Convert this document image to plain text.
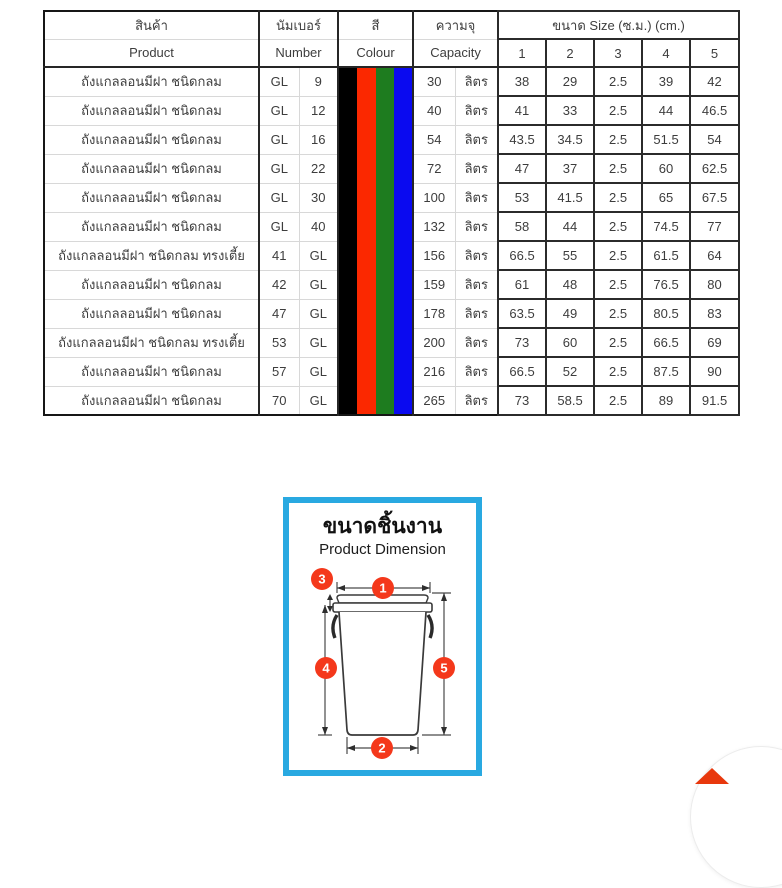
สินค้า	นัมเบอร์		สี	ความจุ		ขนาด Size (ซ.ม.) (cm.)				
Product	Number		Colour	Capacity		1	2	3	4	5
ถังแกลลอนมีฝา ชนิดกลม	GL	9		30	ลิตร	38	29	2.5	39	42
ถังแกลลอนมีฝา ชนิดกลม	GL	12		40	ลิตร	41	33	2.5	44	46.5
ถังแกลลอนมีฝา ชนิดกลม	GL	16		54	ลิตร	43.5	34.5	2.5	51.5	54
ถังแกลลอนมีฝา ชนิดกลม	GL	22		72	ลิตร	47	37	2.5	60	62.5
ถังแกลลอนมีฝา ชนิดกลม	GL	30		100	ลิตร	53	41.5	2.5	65	67.5
ถังแกลลอนมีฝา ชนิดกลม	GL	40		132	ลิตร	58	44	2.5	74.5	77
ถังแกลลอนมีฝา ชนิดกลม ทรงเตี้ย	41	GL		156	ลิตร	66.5	55	2.5	61.5	64
ถังแกลลอนมีฝา ชนิดกลม	42	GL		159	ลิตร	61	48	2.5	76.5	80
ถังแกลลอนมีฝา ชนิดกลม	47	GL		178	ลิตร	63.5	49	2.5	80.5	83
ถังแกลลอนมีฝา ชนิดกลม ทรงเตี้ย	53	GL		200	ลิตร	73	60	2.5	66.5	69
ถังแกลลอนมีฝา ชนิดกลม	57	GL		216	ลิตร	66.5	52	2.5	87.5	90
ถังแกลลอนมีฝา ชนิดกลม	70	GL		265	ลิตร	73	58.5	2.5	89	91.5
ขนาดชิ้นงาน
Product Dimension
1
3
4	5
2
